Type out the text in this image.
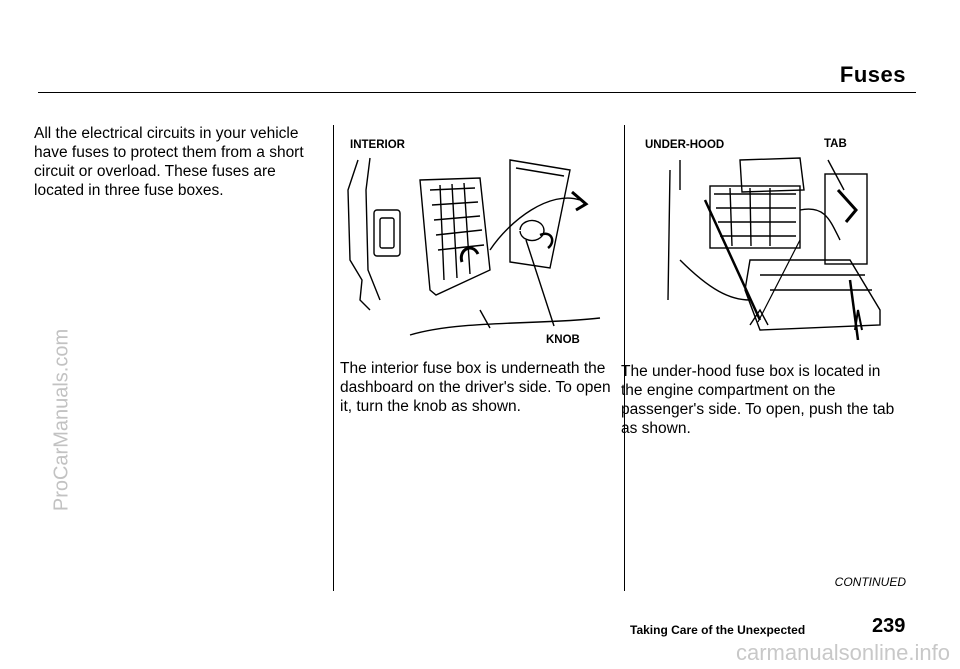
Fuses
All the electrical circuits in your vehicle have fuses to protect them from a short circuit or overload. These fuses are located in three fuse boxes.
INTERIOR
KNOB
UNDER-HOOD	TAB
The interior fuse box is underneath the dashboard on the driver's side. To open it, turn the knob as shown.
The under-hood fuse box is located in the engine compartment on the passenger's side. To open, push the tab as shown.
CONTINUED
Taking Care of the Unexpected	239
ProCarManuals.com
carmanualsonline.info
